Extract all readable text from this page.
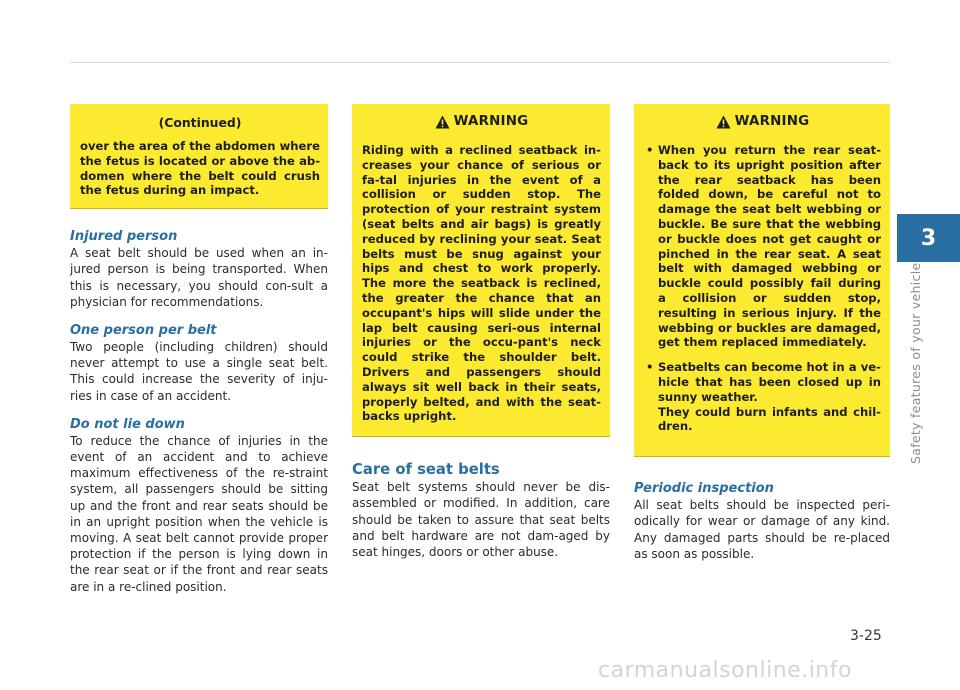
(Continued)
over the area of the abdomen where the fetus is located or above the ab-domen where the belt could crush the fetus during an impact.
Injured person

A seat belt should be used when an in-jured person is being transported. When this is necessary, you should con-sult a physician for recommendations.

One person per belt

Two people (including children) should never attempt to use a single seat belt. This could increase the severity of inju-ries in case of an accident.

Do not lie down

To reduce the chance of injuries in the event of an accident and to achieve maximum effectiveness of the re-straint system, all passengers should be sitting up and the front and rear seats should be in an upright position when the vehicle is moving. A seat belt cannot provide proper protection if the person is lying down in the rear seat or if the front and rear seats are in a re-clined position.

WARNING
Riding with a reclined seatback in-creases your chance of serious or fa-tal injuries in the event of a collision or sudden stop. The protection of your restraint system (seat belts and air bags) is greatly reduced by reclining your seat. Seat belts must be snug against your hips and chest to work properly. The more the seatback is reclined, the greater the chance that an occupant's hips will slide under the lap belt causing seri-ous internal injuries or the occu-pant's neck could strike the shoulder belt. Drivers and passengers should always sit well back in their seats, properly belted, and with the seat-backs upright.
Care of seat belts

Seat belt systems should never be dis-assembled or modified. In addition, care should be taken to assure that seat belts and belt hardware are not dam-aged by seat hinges, doors or other abuse.

WARNING
• When you return the rear seat-back to its upright position after the rear seatback has been folded down, be careful not to damage the seat belt webbing or buckle. Be sure that the webbing or buckle does not get caught or pinched in the rear seat. A seat belt with damaged webbing or buckle could possibly fail during a collision or sudden stop, resulting in serious injury. If the webbing or buckles are damaged, get them replaced immediately.
• Seatbelts can become hot in a ve-hicle that has been closed up in sunny weather.
They could burn infants and chil-dren.
Periodic inspection

All seat belts should be inspected peri-odically for wear or damage of any kind. Any damaged parts should be re-placed as soon as possible.

3
Safety features of your vehicle
3-25
carmanualsonline.info
